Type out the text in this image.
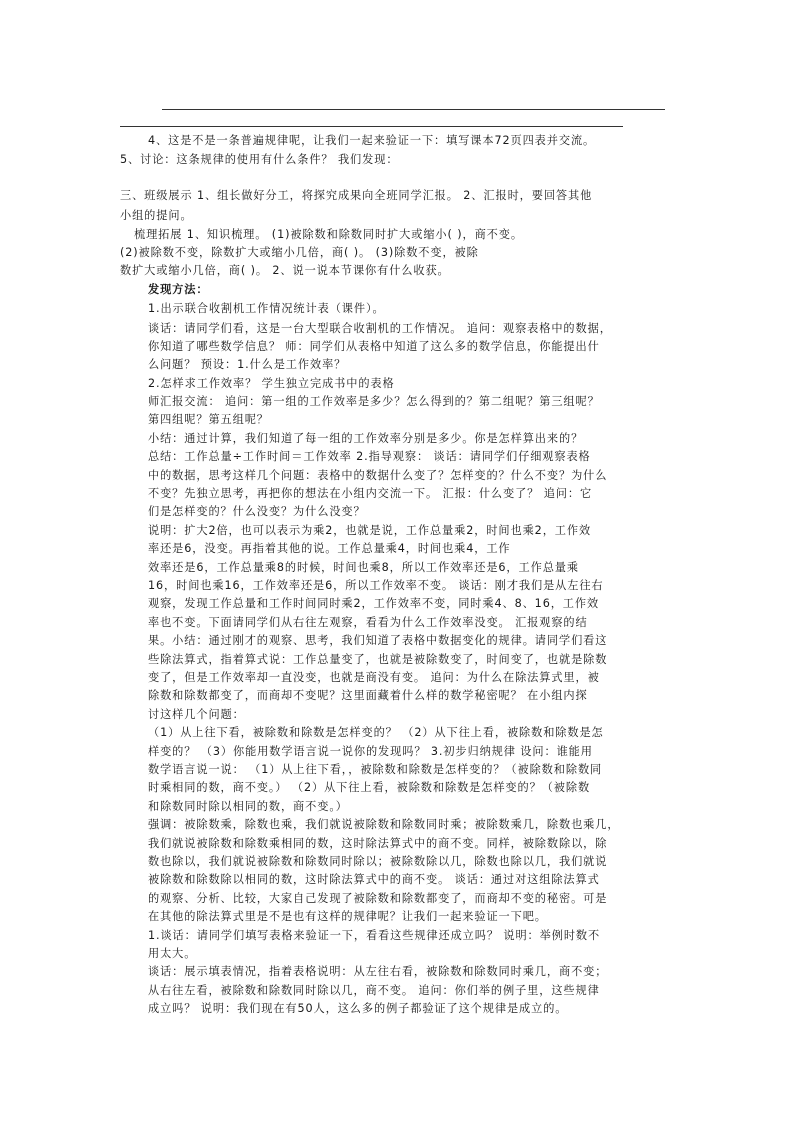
4、这是不是一条普遍规律呢，让我们一起来验证一下：填写课本72页四表并交流。
5、讨论：这条规律的使用有什么条件？ 我们发现：
三、班级展示 1、组长做好分工，将探究成果向全班同学汇报。 2、汇报时，要回答其他
小组的提问。
梳理拓展 1、知识梳理。 (1)被除数和除数同时扩大或缩小( )，商不变。
(2)被除数不变，除数扩大或缩小几倍，商( )。 (3)除数不变，被除
数扩大或缩小几倍，商( )。 2、说一说本节课你有什么收获。
发现方法：
1.出示联合收割机工作情况统计表（课件）。
谈话：请同学们看，这是一台大型联合收割机的工作情况。 追问：观察表格中的数据，
你知道了哪些数学信息？ 师：同学们从表格中知道了这么多的数学信息，你能提出什
么问题？ 预设：1.什么是工作效率？
2.怎样求工作效率？ 学生独立完成书中的表格
师汇报交流： 追问：第一组的工作效率是多少？怎么得到的？第二组呢？第三组呢？
第四组呢？第五组呢？
小结：通过计算，我们知道了每一组的工作效率分别是多少。你是怎样算出来的？
总结：工作总量÷工作时间＝工作效率 2.指导观察： 谈话：请同学们仔细观察表格
中的数据，思考这样几个问题：表格中的数据什么变了？怎样变的？什么不变？为什么
不变？先独立思考，再把你的想法在小组内交流一下。 汇报：什么变了？ 追问：它
们是怎样变的？什么没变？为什么没变？
说明：扩大2倍，也可以表示为乘2，也就是说，工作总量乘2，时间也乘2，工作效
率还是6，没变。再指着其他的说。工作总量乘4，时间也乘4，工作
效率还是6，工作总量乘8的时候，时间也乘8，所以工作效率还是6，工作总量乘
16，时间也乘16，工作效率还是6，所以工作效率不变。 谈话：刚才我们是从左往右
观察，发现工作总量和工作时间同时乘2，工作效率不变，同时乘4、8、16，工作效
率也不变。下面请同学们从右往左观察，看看为什么工作效率没变。 汇报观察的结
果。小结：通过刚才的观察、思考，我们知道了表格中数据变化的规律。请同学们看这
些除法算式，指着算式说：工作总量变了，也就是被除数变了，时间变了，也就是除数
变了，但是工作效率却一直没变，也就是商没有变。 追问：为什么在除法算式里，被
除数和除数都变了，而商却不变呢？这里面藏着什么样的数学秘密呢？ 在小组内探
讨这样几个问题：
（1）从上往下看，被除数和除数是怎样变的？ （2）从下往上看，被除数和除数是怎
样变的？ （3）你能用数学语言说一说你的发现吗？ 3.初步归纳规律 设问：谁能用
数学语言说一说： （1）从上往下看，，被除数和除数是怎样变的？（被除数和除数同
时乘相同的数，商不变。） （2）从下往上看，被除数和除数是怎样变的？（被除数
和除数同时除以相同的数，商不变。）
强调：被除数乘，除数也乘，我们就说被除数和除数同时乘；被除数乘几，除数也乘几，
我们就说被除数和除数乘相同的数，这时除法算式中的商不变。同样，被除数除以，除
数也除以，我们就说被除数和除数同时除以；被除数除以几，除数也除以几，我们就说
被除数和除数除以相同的数，这时除法算式中的商不变。 谈话：通过对这组除法算式
的观察、分析、比较，大家自己发现了被除数和除数都变了，而商却不变的秘密。可是
在其他的除法算式里是不是也有这样的规律呢？让我们一起来验证一下吧。
1.谈话：请同学们填写表格来验证一下，看看这些规律还成立吗？ 说明：举例时数不
用太大。
谈话：展示填表情况，指着表格说明：从左往右看，被除数和除数同时乘几，商不变；
从右往左看，被除数和除数同时除以几，商不变。 追问：你们举的例子里，这些规律
成立吗？ 说明：我们现在有50人，这么多的例子都验证了这个规律是成立的。
